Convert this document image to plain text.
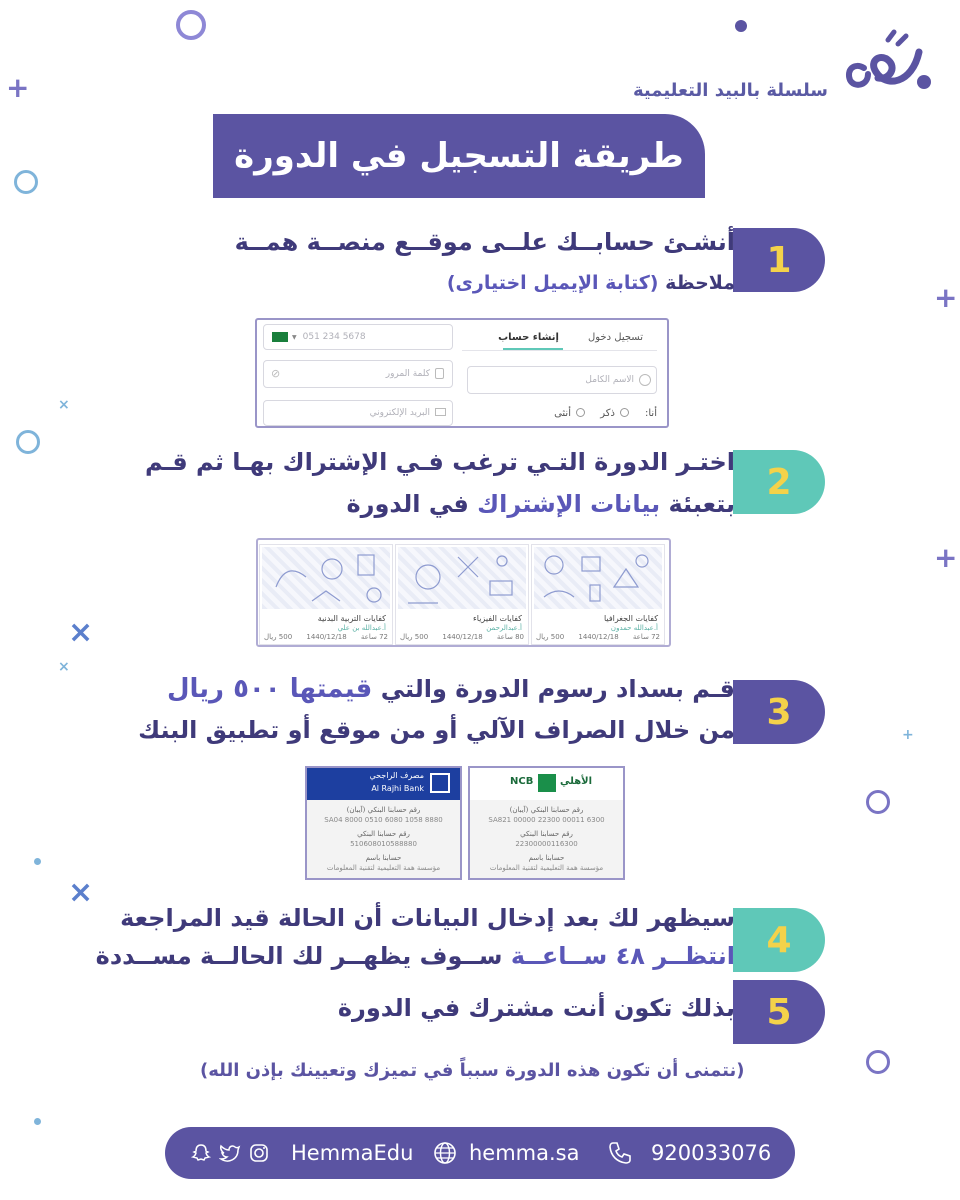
+
+
×
+
×
×
+
×
سلسلة بالبيد التعليمية
طريقة التسجيل في الدورة
1
أنشـئ حسابــك علــى موقــع منصــة همــة
ملاحظة (كتابة الإيميل اختيارى)
تسجيل دخول
إنشاء حساب
الاسم الكامل
أنا:
ذكر
أنثى
▼ 051 234 5678
كلمة المرور
⊘
البريد الإلكتروني
2
اختـر الدورة التـي ترغب فـي الإشتراك بهـا ثم قـم
بتعبئة بيانات الإشتراك في الدورة
كفايات الجغرافيا
أ.عبدالله حمدون
72 ساعة
1440/12/18
500 ريال
كفايات الفيزياء
أ.عبدالرحمن
80 ساعة
1440/12/18
500 ريال
كفايات التربية البدنية
أ.عبدالله بن علي
72 ساعة
1440/12/18
500 ريال
3
قـم بسداد رسوم الدورة والتي قيمتها ٥٠٠ ريال
من خلال الصراف الآلي أو من موقع أو تطبيق البنك
مصرف الراجحي
Al Rajhi Bank
رقم حسابنا البنكي (آيبان)
SA04 8000 0510 6080 1058 8880
رقم حسابنا البنكي
510608010588880
حسابنا باسم
مؤسسة همة التعليمية لتقنية المعلومات
NCB	الأهلي
رقم حسابنا البنكي (آيبان)
SA821 00000 22300 00011 6300
رقم حسابنا البنكي
22300000116300
حسابنا باسم
مؤسسة همة التعليمية لتقنية المعلومات
4
سيظهر لك بعد إدخال البيانات أن الحالة قيد المراجعة
انتظــر ٤٨ ســاعــة ســوف يظهــر لك الحالــة مســددة
5
بذلك تكون أنت مشترك في الدورة
(نتمنى أن تكون هذه الدورة سبباً في تميزك وتعيينك بإذن الله)
HemmaEdu	hemma.sa	920033076
